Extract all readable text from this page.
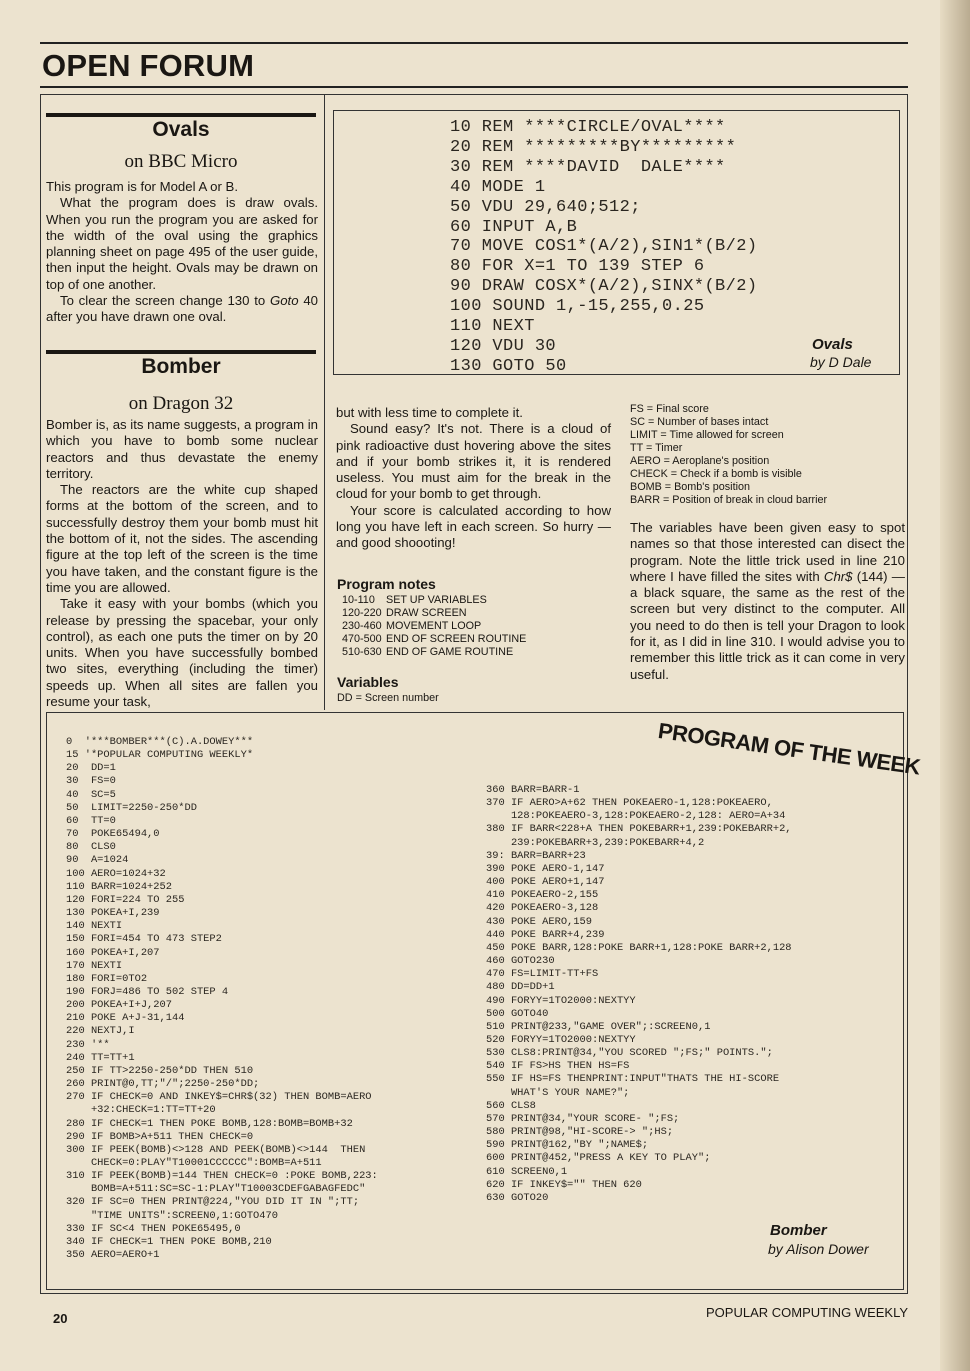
OPEN FORUM
Ovals
on BBC Micro

This program is for Model A or B.

What the program does is draw ovals. When you run the program you are asked for the width of the oval using the graphics planning sheet on page 495 of the user guide, then input the height. Ovals may be drawn on top of one another.

To clear the screen change 130 to Goto 40 after you have drawn one oval.

10 REM ****CIRCLE/OVAL****
20 REM *********BY*********
30 REM ****DAVID  DALE****
40 MODE 1
50 VDU 29,640;512;
60 INPUT A,B
70 MOVE COS1*(A/2),SIN1*(B/2)
80 FOR X=1 TO 139 STEP 6
90 DRAW COSX*(A/2),SINX*(B/2)
100 SOUND 1,-15,255,0.25
110 NEXT
120 VDU 30
130 GOTO 50

Ovals

by D Dale

Bomber
on Dragon 32

Bomber is, as its name suggests, a program in which you have to bomb some nuclear reactors and thus devastate the enemy territory.

The reactors are the white cup shaped forms at the bottom of the screen, and to successfully destroy them your bomb must hit the bottom of it, not the sides. The ascending figure at the top left of the screen is the time you have taken, and the constant figure is the time you are allowed.

Take it easy with your bombs (which you release by pressing the spacebar, your only control), as each one puts the timer on by 20 units. When you have successfully bombed two sites, everything (including the timer) speeds up. When all sites are fallen you resume your task,

but with less time to complete it.

Sound easy? It's not. There is a cloud of pink radioactive dust hovering above the sites and if your bomb strikes it, it is rendered useless. You must aim for the break in the cloud for your bomb to get through.

Your score is calculated according to how long you have left in each screen. So hurry — and good shoooting!

Program notes
10-110	SET UP VARIABLES
120-220	DRAW SCREEN
230-460	MOVEMENT LOOP
470-500	END OF SCREEN ROUTINE
510-630	END OF GAME ROUTINE
Variables
DD = Screen number
FS = Final score
SC = Number of bases intact
LIMIT = Time allowed for screen
TT = Timer
AERO = Aeroplane's position
CHECK = Check if a bomb is visible
BOMB = Bomb's position
BARR = Position of break in cloud barrier

The variables have been given easy to spot names so that those interested can disect the program. Note the little trick used in line 210 where I have filled the sites with Chr$ (144) — a black square, the same as the rest of the screen but very distinct to the computer. All you need to do then is tell your Dragon to look for it, as I did in line 310. I would advise you to remember this little trick as it can come in very useful.

PROGRAM OF THE WEEK
0  '***BOMBER***(C).A.DOWEY***
15 '*POPULAR COMPUTING WEEKLY*
20  DD=1
30  FS=0
40  SC=5
50  LIMIT=2250-250*DD
60  TT=0
70  POKE65494,0
80  CLS0
90  A=1024
100 AERO=1024+32
110 BARR=1024+252
120 FORI=224 TO 255
130 POKEA+I,239
140 NEXTI
150 FORI=454 TO 473 STEP2
160 POKEA+I,207
170 NEXTI
180 FORI=0TO2
190 FORJ=486 TO 502 STEP 4
200 POKEA+I+J,207
210 POKE A+J-31,144
220 NEXTJ,I
230 '**
240 TT=TT+1
250 IF TT>2250-250*DD THEN 510
260 PRINT@0,TT;"/";2250-250*DD;
270 IF CHECK=0 AND INKEY$=CHR$(32) THEN BOMB=AERO
+32:CHECK=1:TT=TT+20
280 IF CHECK=1 THEN POKE BOMB,128:BOMB=BOMB+32
290 IF BOMB>A+511 THEN CHECK=0
300 IF PEEK(BOMB)<>128 AND PEEK(BOMB)<>144  THEN
CHECK=0:PLAY"T10001CCCCCC":BOMB=A+511
310 IF PEEK(BOMB)=144 THEN CHECK=0 :POKE BOMB,223:
BOMB=A+511:SC=SC-1:PLAY"T10003CDEFGABAGFEDC"
320 IF SC=0 THEN PRINT@224,"YOU DID IT IN ";TT;
"TIME UNITS":SCREEN0,1:GOTO470
330 IF SC<4 THEN POKE65495,0
340 IF CHECK=1 THEN POKE BOMB,210
350 AERO=AERO+1
360 BARR=BARR-1
370 IF AERO>A+62 THEN POKEAERO-1,128:POKEAERO,
128:POKEAERO-3,128:POKEAERO-2,128: AERO=A+34
380 IF BARR<228+A THEN POKEBARR+1,239:POKEBARR+2,
239:POKEBARR+3,239:POKEBARR+4,2
39: BARR=BARR+23
390 POKE AERO-1,147
400 POKE AERO+1,147
410 POKEAERO-2,155
420 POKEAERO-3,128
430 POKE AERO,159
440 POKE BARR+4,239
450 POKE BARR,128:POKE BARR+1,128:POKE BARR+2,128
460 GOTO230
470 FS=LIMIT-TT+FS
480 DD=DD+1
490 FORYY=1TO2000:NEXTYY
500 GOTO40
510 PRINT@233,"GAME OVER";:SCREEN0,1
520 FORYY=1TO2000:NEXTYY
530 CLS8:PRINT@34,"YOU SCORED ";FS;" POINTS.";
540 IF FS>HS THEN HS=FS
550 IF HS=FS THENPRINT:INPUT"THATS THE HI-SCORE
WHAT'S YOUR NAME?";
560 CLS8
570 PRINT@34,"YOUR SCORE- ";FS;
580 PRINT@98,"HI-SCORE-> ";HS;
590 PRINT@162,"BY ";NAME$;
600 PRINT@452,"PRESS A KEY TO PLAY";
610 SCREEN0,1
620 IF INKEY$="" THEN 620
630 GOTO20

Bomber

by Alison Dower

20	POPULAR COMPUTING WEEKLY
